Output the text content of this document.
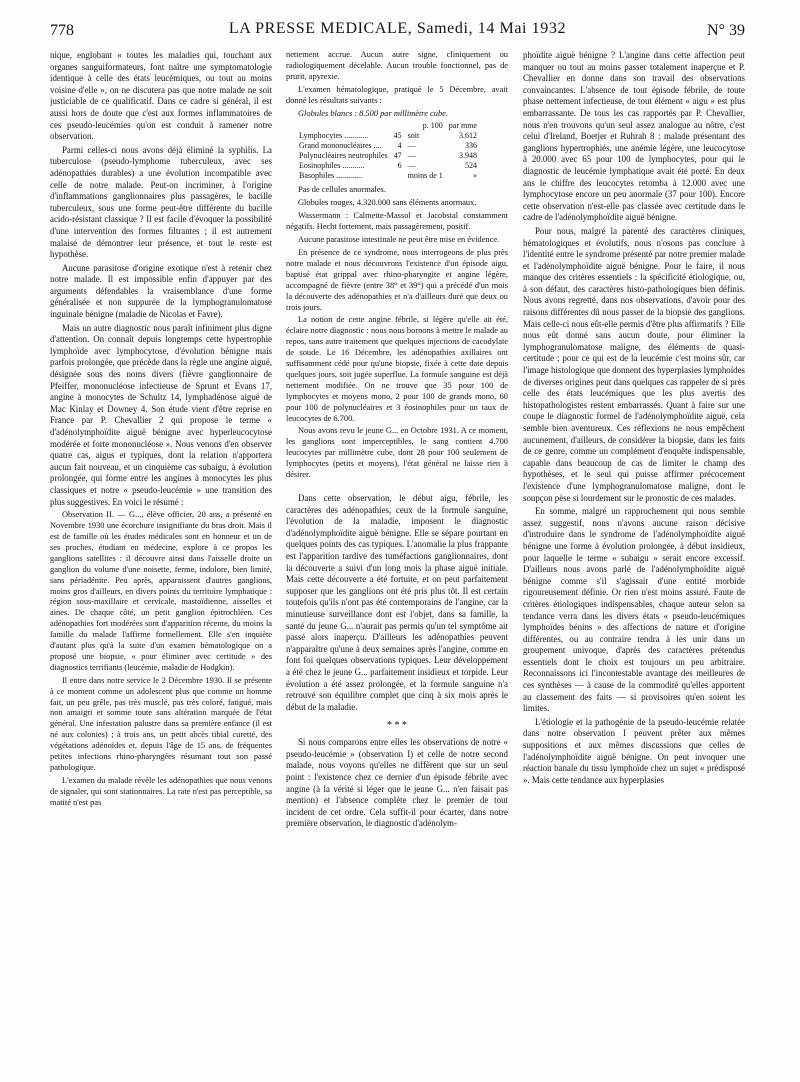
778	LA PRESSE MEDICALE, Samedi, 14 Mai 1932	N° 39

nique, englobant « toutes les maladies qui, touchant aux organes sanguiformateurs, font naître une symptomatologie identique à celle des états leucémiques, ou tout au moins voisine d'elle », on ne discutera pas que notre malade ne soit justiciable de ce qualificatif. Dans ce cadre si général, il est aussi hors de doute que c'est aux formes inflammatoires de ces pseudo-leucémies qu'on est conduit à ramener notre observation.

Parmi celles-ci nous avons déjà éliminé la syphilis. La tuberculose (pseudo-lymphome tuberculeux, avec ses adénopathies durables) a une évolution incompatible avec celle de notre malade. Peut-on incriminer, à l'origine d'inflammations ganglionnaires plus passagères, le bacille tuberculeux, sous une forme peut-être différente du bacille acido-résistant classique ? Il est facile d'évoquer la possibilité d'une intervention des formes filtrantes ; il est autrement malaisé de démontrer leur présence, et tout le reste est hypothèse.

Aucune parasitose d'origine exotique n'est à retenir chez notre malade. Il est impossible enfin d'appuyer par des arguments défendables la vraisemblance d'une forme généralisée et non suppurée de la lymphogranulomatose inguinale bénigne (maladie de Nicolas et Favre).

Mais un autre diagnostic nous paraît infiniment plus digne d'attention. On connaît depuis longtemps cette hypertrophie lymphoïde avec lymphocytose, d'évolution bénigne mais parfois prolongée, que précède dans la règle une angine aiguë, désignée sous des noms divers (fièvre ganglionnaire de Pfeiffer, mononucléose infectieuse de Sprunt et Evans 17, angine à monocytes de Schultz 14, lymphadénose aiguë de Mac Kinlay et Downey 4. Son étude vient d'être reprise en France par P. Chevallier 2 qui propose le terme « d'adénolymphoïdite aiguë bénigne avec hyperleucocytose modérée et forte mononucléose ». Nous venons d'en observer quatre cas, aigus et typiques, dont la relation n'apportera aucun fait nouveau, et un cinquième cas subaigu, à évolution prolongée, qui forme entre les angines à monocytes les plus classiques et notre « pseudo-leucémie » une transition des plus suggestives. En voici le résumé :

Observation II. — G..., élève officier, 20 ans, a présenté en Novembre 1930 une écorchure insignifiante du bras droit. Mais il est de famille où les études médicales sont en honneur et un de ses proches, étudiant en médecine, explore à ce propos les ganglions satellites : il découvre ainsi dans l'aisselle droite un ganglion du volume d'une noisette, ferme, indolore, bien limité, sans périadénite. Peu après, apparaissent d'autres ganglions, moins gros d'ailleurs, en divers points du territoire lymphatique : région sous-maxillaire et cervicale, mastoïdienne, aisselles et aines. De chaque côté, un petit ganglion épitrochléen. Ces adénopathies fort modérées sont d'apparition récente, du moins la famille du malade l'affirme formellement. Elle s'en inquiète d'autant plus qu'à la suite d'un examen hématologique on a proposé une biopsie, « pour éliminer avec certitude » des diagnostics terrifiants (leucémie, maladie de Hodgkin).

Il entre dans notre service le 2 Décembre 1930. Il se présente à ce moment comme un adolescent plus que comme un homme fait, un peu grêle, pas très musclé, pas très coloré, fatigué, mais non amaigri et somme toute sans altération marquée de l'état général. Une infestation palustre dans sa première enfance (il est né aux colonies) ; à trois ans, un petit abcès tibial curetté, des végétations adénoïdes et, depuis l'âge de 15 ans, de fréquentes petites infections rhino-pharyngées résumant tout son passé pathologique.

L'examen du malade révèle les adénopathies que nous venons de signaler, qui sont stationnaires. La rate n'est pas perceptible, sa matité n'est pas

nettement accrue. Aucun autre signe, cliniquement ou radiologiquement décelable. Aucun trouble fonctionnel, pas de prurit, apyrexie.

L'examen hématologique, pratiqué le 5 Décembre, avait donné les résultats suivants :

Globules blancs : 8.500 par millimètre cube.

	p. 100		par mme
Lymphocytes ............	45	soit	3.612
Grand mononucléaires ....	4	—	336
Polynucléaires neutrophiles	47	—	3.948
Eosinophiles ...........	6	—	524
Basophiles .............		moins de 1	»

Pas de cellules anormales.

Globules rouges, 4.320.000 sans éléments anormaux.

Wassermann : Calmette-Massol et Jacobstal constamment négatifs. Hecht fortement, mais passagèrement, positif.

Aucune parasitose intestinale ne peut être mise en évidence.

En présence de ce syndrome, nous interrogeons de plus près notre malade et nous découvrons l'existence d'un épisode aigu, baptisé état grippal avec rhino-pharyngite et angine légère, accompagné de fièvre (entre 38° et 39°) qui a précédé d'un mois la découverte des adénopathies et n'a d'ailleurs duré que deux ou trois jours.

La notion de cette angine fébrile, si légère qu'elle ait été, éclaire notre diagnostic : nous nous bornons à mettre le malade au repos, sans autre traitement que quelques injections de cacodylate de soude. Le 16 Décembre, les adénopathies axillaires ont suffisamment cédé pour qu'une biopsie, fixée à cette date depuis quelques jours, soit jugée superflue. La formule sanguine est déjà nettement modifiée. On ne trouve que 35 pour 100 de lymphocytes et moyens mono, 2 pour 100 de grands mono, 60 pour 100 de polynucléaires et 3 éosinophiles pour un taux de leucocytes de 6.700.

Nous avons revu le jeune G... en Octobre 1931. A ce moment, les ganglions sont imperceptibles, le sang contient 4.700 leucocytes par millimètre cube, dont 28 pour 100 seulement de lymphocytes (petits et moyens), l'état général ne laisse rien à désirer.

Dans cette observation, le début aigu, fébrile, les caractères des adénopathies, ceux de la formule sanguine, l'évolution de la maladie, imposent le diagnostic d'adénolymphoïdite aiguë bénigne. Elle se sépare pourtant en quelques points des cas typiques. L'anomalie la plus frappante est l'apparition tardive des tuméfactions ganglionnaires, dont la découverte a suivi d'un long mois la phase aiguë initiale. Mais cette découverte a été fortuite, et on peut parfaitement supposer que les ganglions ont été pris plus tôt. Il est certain toutefois qu'ils n'ont pas été contemporains de l'angine, car la minutieuse surveillance dont est l'objet, dans sa famille, la santé du jeune G... n'aurait pas permis qu'un tel symptôme ait passé alors inaperçu. D'ailleurs les adénopathies peuvent n'apparaître qu'une à deux semaines après l'angine, comme en font foi quelques observations typiques. Leur développement a été chez le jeune G... parfaitement insidieux et torpide. Leur évolution a été assez prolongée, et la formule sanguine n'a retrouvé son équilibre complet que cinq à six mois après le début de la maladie.

* * *

Si nous comparons entre elles les observations de notre « pseudo-leucémie » (observation I) et celle de notre second malade, nous voyons qu'elles ne diffèrent que sur un seul point : l'existence chez ce dernier d'un épisode fébrile avec angine (à la vérité si léger que le jeune G... n'en faisait pas mention) et l'absence complète chez le premier de tout incident de cet ordre. Cela suffit-il pour écarter, dans notre première observation, le diagnostic d'adénolym-

phoïdite aiguë bénigne ? L'angine dans cette affection peut manquer ou tout au moins passer totalement inaperçue et P. Chevallier en donne dans son travail des observations convaincantes. L'absence de tout épisode fébrile, de toute phase nettement infectieuse, de tout élément « aigu » est plus embarrassante. De tous les cas rapportés par P. Chevallier, nous n'en trouvons qu'un seul assez analogue au nôtre, c'est celui d'Ireland, Boetjer et Ruhrah 8 : malade présentant des ganglions hypertrophiés, une anémie légère, une leucocytose à 20.000 avec 65 pour 100 de lymphocytes, pour qui le diagnostic de leucémie lymphatique avait été porté. En deux ans le chiffre des leucocytes retomba à 12.000 avec une lymphocytose encore un peu anormale (37 pour 100). Encore cette observation n'est-elle pas classée avec certitude dans le cadre de l'adénolymphoïdite aiguë bénigne.

Pour nous, malgré la parenté des caractères cliniques, hématologiques et évolutifs, nous n'osons pas conclure à l'identité entre le syndrome présenté par notre premier malade et l'adénolymphoïdite aiguë bénigne. Pour le faire, il nous manque des critères essentiels : la spécificité étiologique, ou, à son défaut, des caractères histo-pathologiques bien définis. Nous avons regretté, dans nos observations, d'avoir pour des raisons différentes dû nous passer de la biopsie des ganglions. Mais celle-ci nous eût-elle permis d'être plus affirmatifs ? Elle nous eût donné sans aucun doute, pour éliminer la lymphogranulomatose maligne, des éléments de quasi-certitude ; pour ce qui est de la leucémie c'est moins sûr, car l'image histologique que donnent des hyperplasies lymphoïdes de diverses origines peut dans quelques cas rappeler de si près celle des états leucémiques que les plus avertis des histopathologistes restent embarrassés. Quant à faire sur une coupe le diagnostic formel de l'adénolymphoïdite aiguë, cela semble bien aventureux. Ces réflexions ne nous empêchent aucunement, d'ailleurs, de considérer la biopsie, dans les faits de ce genre, comme un complément d'enquête indispensable, capable dans beaucoup de cas de limiter le champ des hypothèses, et le seul qui puisse affirmer précocement l'existence d'une lymphogranulomatose maligne, dont le soupçon pèse si lourdement sur le pronostic de ces malades.

En somme, malgré un rapprochement qui nous semble assez suggestif, nous n'avons aucune raison décisive d'introduire dans le syndrome de l'adénolymphoïdite aiguë bénigne une forme à évolution prolongée, à début insidieux, pour laquelle le terme « subaigu » serait encore excessif. D'ailleurs nous avons parlé de l'adénolymphoïdite aiguë bénigne comme s'il s'agissait d'une entité morbide rigoureusement définie. Or rien n'est moins assuré. Faute de critères étiologiques indispensables, chaque auteur selon sa tendance verra dans les divers états « pseudo-leucémiques lymphoïdes bénins » des affections de nature et d'origine différentes, ou au contraire tendra à les unir dans un groupement univoque, d'après des caractères prétendus essentiels dont le choix est toujours un peu arbitraire. Reconnaissons ici l'incontestable avantage des meilleures de ces synthèses — à cause de la commodité qu'elles apportent au classement des faits — si provisoires qu'en soient les limites.

L'étiologie et la pathogénie de la pseudo-leucémie relatée dans notre observation I peuvent prêter aux mêmes suppositions et aux mêmes discussions que celles de l'adénolymphoïdite aiguë bénigne. On peut invoquer une réaction banale du tissu lymphoïde chez un sujet « prédisposé ». Mais cette tendance aux hyperplasies
